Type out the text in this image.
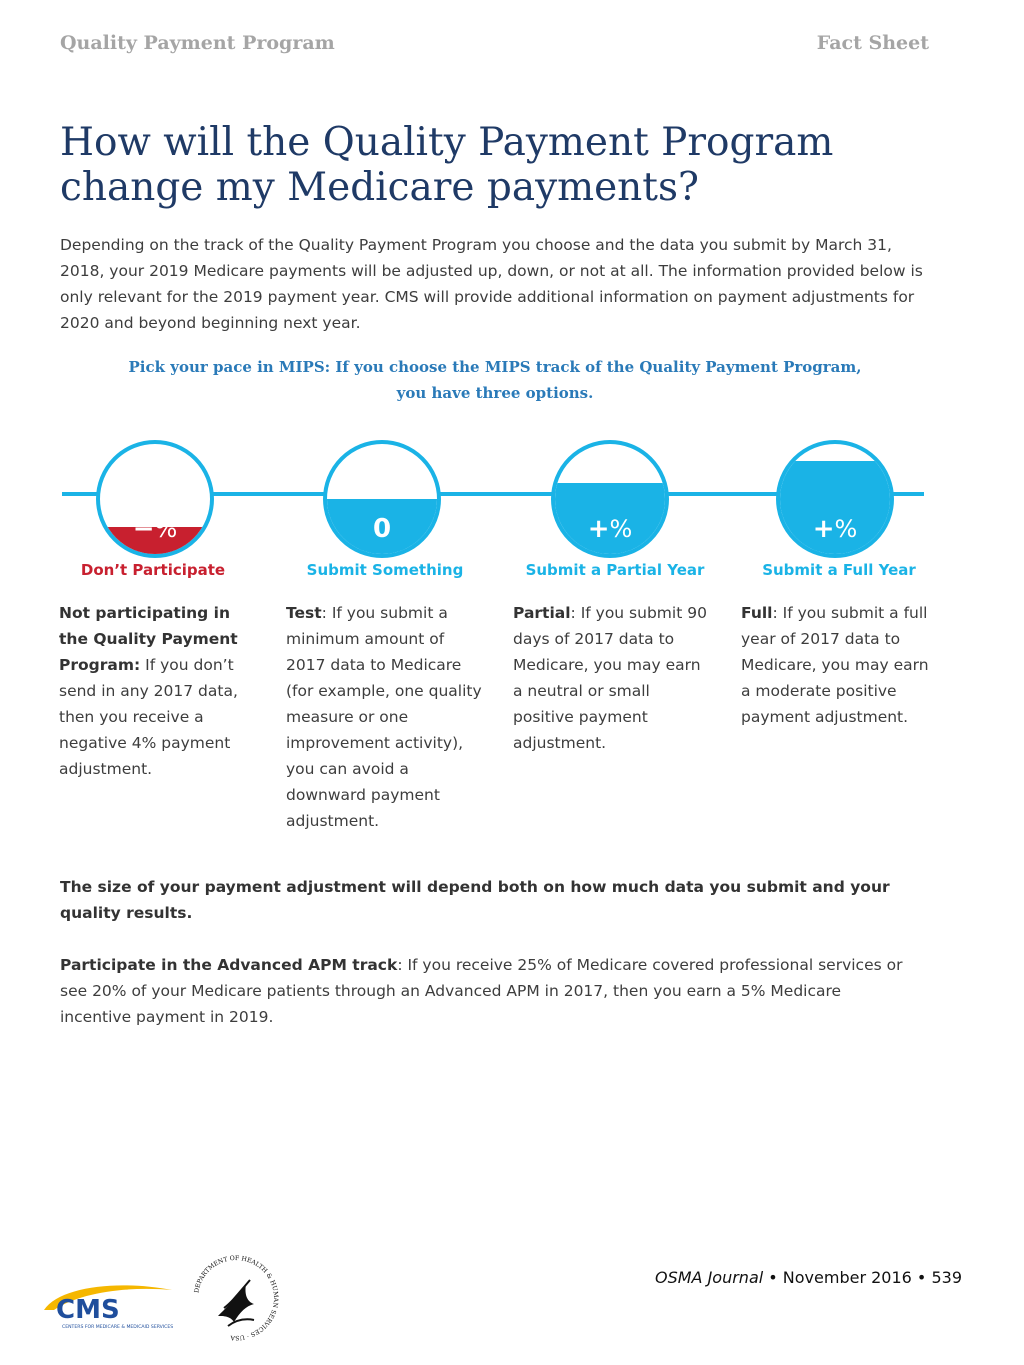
Quality Payment Program	Fact Sheet
How will the Quality Payment Program
change my Medicare payments?

Depending on the track of the Quality Payment Program you choose and the data you submit by March 31, 2018, your 2019 Medicare payments will be adjusted up, down, or not at all. The information provided below is only relevant for the 2019 payment year. CMS will provide additional information on payment adjustments for 2020 and beyond beginning next year.

Pick your pace in MIPS: If you choose the MIPS track of the Quality Payment Program,
you have three options.
−%
Don’t Participate

Not participating in the Quality Payment Program: If you don’t send in any 2017 data, then you receive a negative 4% payment adjustment.

0
Submit Something

Test: If you submit a minimum amount of 2017 data to Medicare (for example, one quality measure or one improvement activity), you can avoid a downward payment adjustment.

+%
Submit a Partial Year

Partial: If you submit 90 days of 2017 data to Medicare, you may earn a neutral or small positive payment adjustment.

+%
Submit a Full Year

Full: If you submit a full year of 2017 data to Medicare, you may earn a moderate positive payment adjustment.

The size of your payment adjustment will depend both on how much data you submit and your quality results.

Participate in the Advanced APM track: If you receive 25% of Medicare covered professional services or see 20% of your Medicare patients through an Advanced APM in 2017, then you earn a 5% Medicare incentive payment in 2019.

CMS
CENTERS FOR MEDICARE & MEDICAID SERVICES
DEPARTMENT OF HEALTH & HUMAN SERVICES · USA
OSMA Journal • November 2016 • 539
